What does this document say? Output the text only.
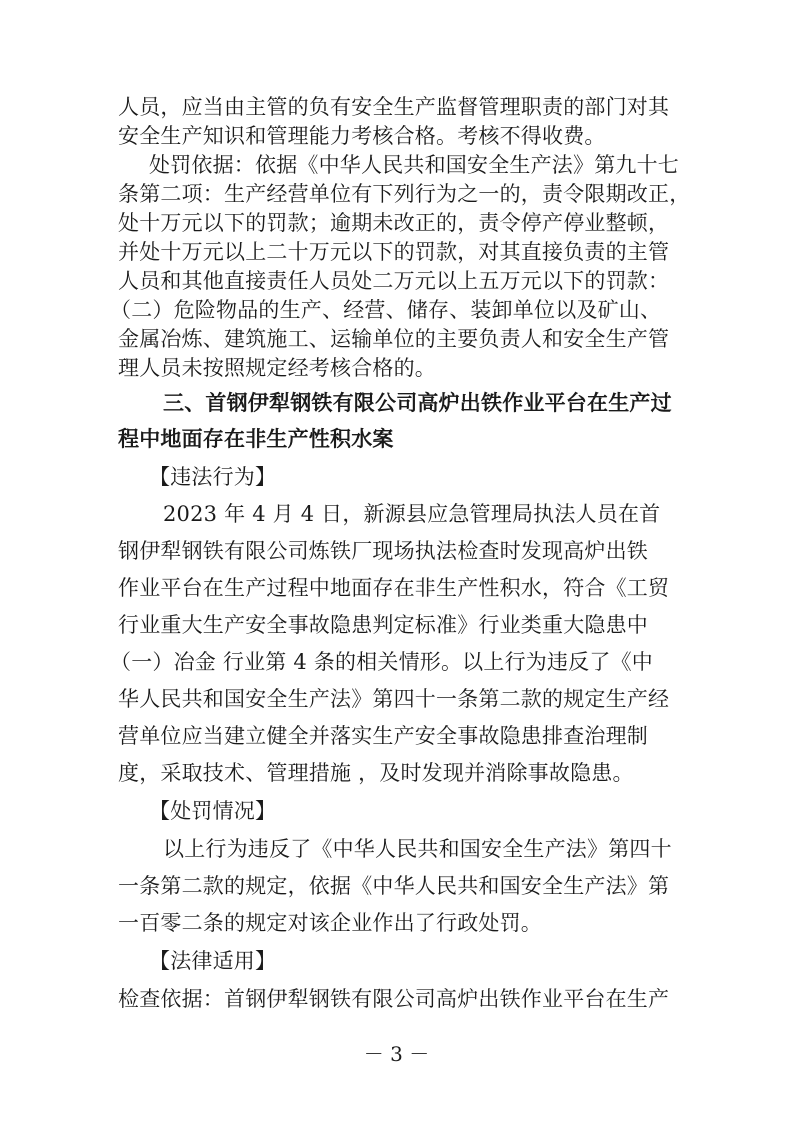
人员，应当由主管的负有安全生产监督管理职责的部门对其
安全生产知识和管理能力考核合格。考核不得收费。
处罚依据：依据《中华人民共和国安全生产法》第九十七
条第二项：生产经营单位有下列行为之一的，责令限期改正，
处十万元以下的罚款；逾期未改正的，责令停产停业整顿，
并处十万元以上二十万元以下的罚款，对其直接负责的主管
人员和其他直接责任人员处二万元以上五万元以下的罚款：
（二）危险物品的生产、经营、储存、装卸单位以及矿山、
金属冶炼、建筑施工、运输单位的主要负责人和安全生产管
理人员未按照规定经考核合格的。
三、首钢伊犁钢铁有限公司高炉出铁作业平台在生产过
程中地面存在非生产性积水案
【违法行为】
2023 年 4 月 4 日，新源县应急管理局执法人员在首
钢伊犁钢铁有限公司炼铁厂现场执法检查时发现高炉出铁
作业平台在生产过程中地面存在非生产性积水，符合《工贸
行业重大生产安全事故隐患判定标准》行业类重大隐患中
（一）冶金 行业第 4 条的相关情形。以上行为违反了《中
华人民共和国安全生产法》第四十一条第二款的规定生产经
营单位应当建立健全并落实生产安全事故隐患排查治理制
度，采取技术、管理措施 ，及时发现并消除事故隐患。
【处罚情况】
以上行为违反了《中华人民共和国安全生产法》第四十
一条第二款的规定，依据《中华人民共和国安全生产法》第
一百零二条的规定对该企业作出了行政处罚。
【法律适用】
检查依据：首钢伊犁钢铁有限公司高炉出铁作业平台在生产
－ 3 －
